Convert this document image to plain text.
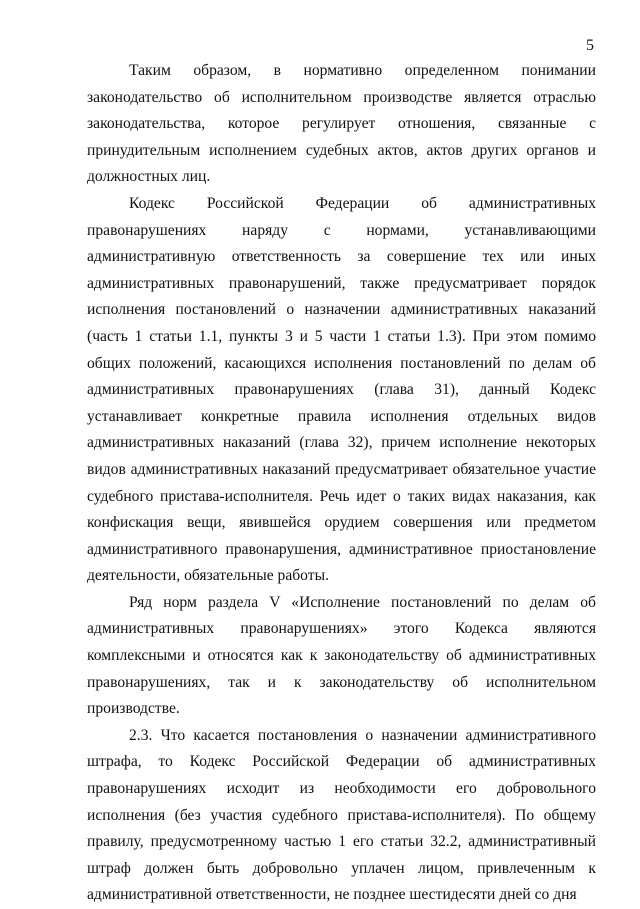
5

Таким образом, в нормативно определенном понимании законодательство об исполнительном производстве является отраслью законодательства, которое регулирует отношения, связанные с принудительным исполнением судебных актов, актов других органов и должностных лиц.

Кодекс Российской Федерации об административных правонарушениях наряду с нормами, устанавливающими административную ответственность за совершение тех или иных административных правонарушений, также предусматривает порядок исполнения постановлений о назначении административных наказаний (часть 1 статьи 1.1, пункты 3 и 5 части 1 статьи 1.3). При этом помимо общих положений, касающихся исполнения постановлений по делам об административных правонарушениях (глава 31), данный Кодекс устанавливает конкретные правила исполнения отдельных видов административных наказаний (глава 32), причем исполнение некоторых видов административных наказаний предусматривает обязательное участие судебного пристава-исполнителя. Речь идет о таких видах наказания, как конфискация вещи, явившейся орудием совершения или предметом административного правонарушения, административное приостановление деятельности, обязательные работы.

Ряд норм раздела V «Исполнение постановлений по делам об административных правонарушениях» этого Кодекса являются комплексными и относятся как к законодательству об административных правонарушениях, так и к законодательству об исполнительном производстве.

2.3. Что касается постановления о назначении административного штрафа, то Кодекс Российской Федерации об административных правонарушениях исходит из необходимости его добровольного исполнения (без участия судебного пристава-исполнителя). По общему правилу, предусмотренному частью 1 его статьи 32.2, административный штраф должен быть добровольно уплачен лицом, привлеченным к административной ответственности, не позднее шестидесяти дней со дня
